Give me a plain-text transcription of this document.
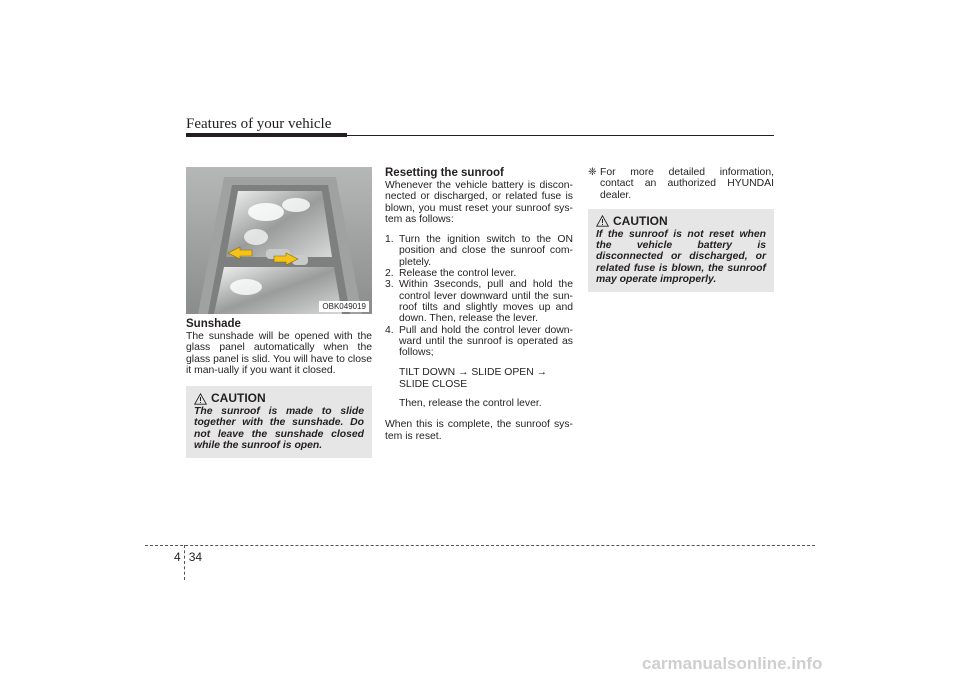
Features of your vehicle
OBK049019
Sunshade

The sunshade will be opened with the glass panel automatically when the glass panel is slid. You will have to close it man-ually if you want it closed.

CAUTION
The sunroof is made to slide together with the sunshade. Do not leave the sunshade closed while the sunroof is open.
Resetting the sunroof

Whenever the vehicle battery is discon-nected or discharged, or related fuse is blown, you must reset your sunroof sys-tem as follows:

1. Turn the ignition switch to the ON position and close the sunroof com-pletely.
2. Release the control lever.
3. Within 3seconds, pull and hold the control lever downward until the sun-roof tilts and slightly moves up and down. Then, release the lever.
4. Pull and hold the control lever down-ward until the sunroof is operated as follows;
TILT DOWN → SLIDE OPEN → SLIDE CLOSE
Then, release the control lever.

When this is complete, the sunroof sys-tem is reset.

❈ For more detailed information, contact an authorized HYUNDAI dealer.
CAUTION
If the sunroof is not reset when the vehicle battery is disconnected or discharged, or related fuse is blown, the sunroof may operate improperly.
4 34
carmanualsonline.info
